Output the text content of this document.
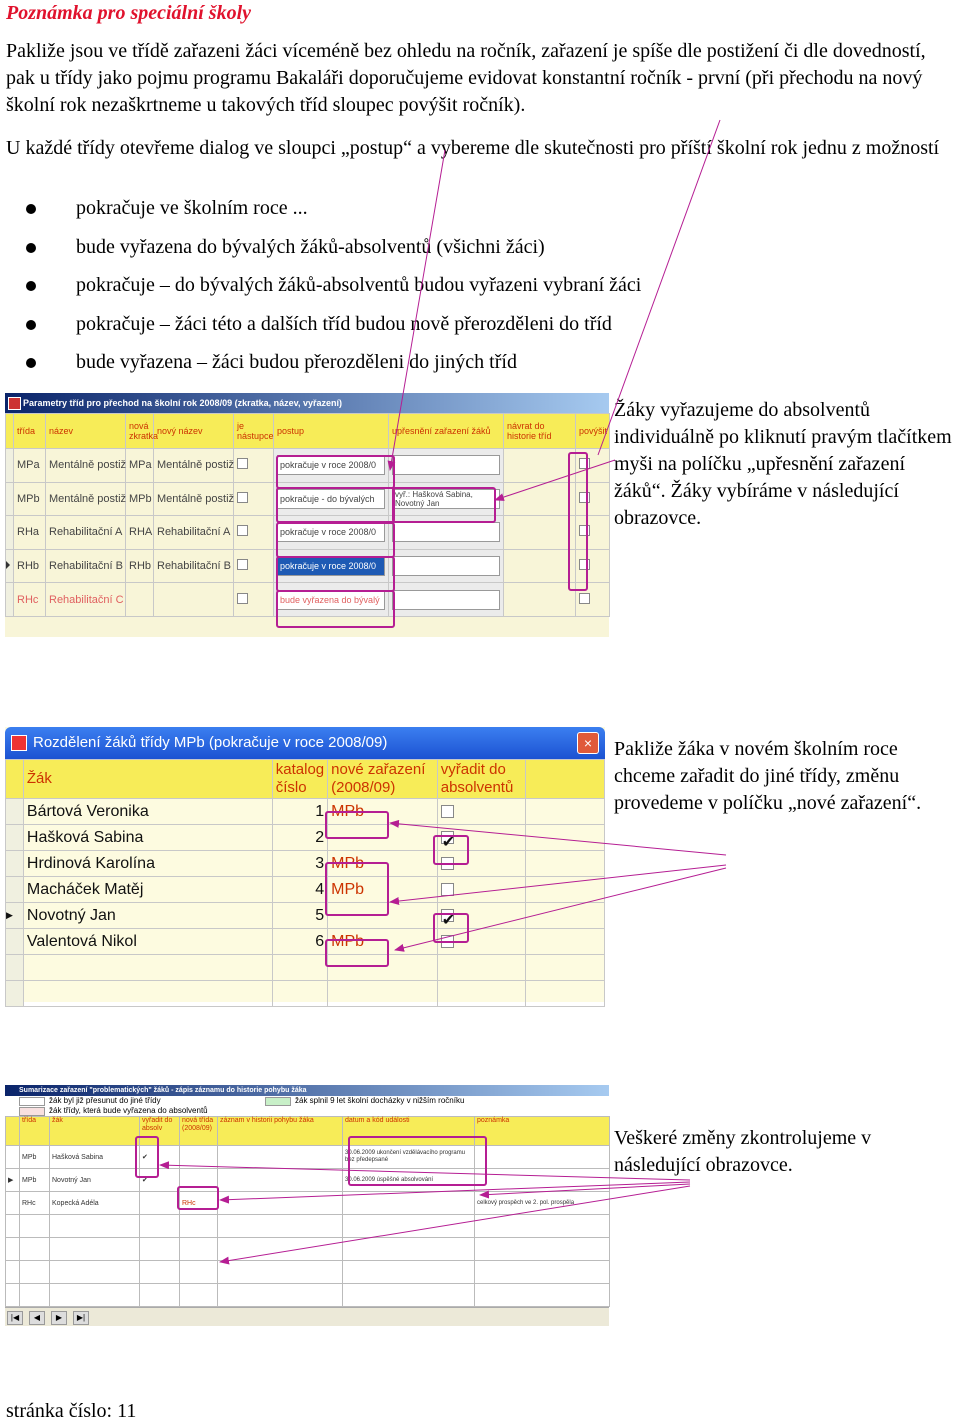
Poznámka pro speciální školy
Pakliže jsou ve třídě zařazeni žáci víceméně bez ohledu na ročník, zařazení je spíše dle postižení či dle dovedností, pak u třídy jako pojmu programu Bakaláři doporučujeme evidovat konstantní ročník - první (při přechodu na nový školní rok nezaškrtneme u takových tříd sloupec povýšit ročník).
U každé třídy otevřeme dialog ve sloupci „postup“ a vybereme dle skutečnosti pro příští školní rok jednu z možností
pokračuje ve školním roce ...
bude vyřazena do bývalých žáků-absolventů (všichni žáci)
pokračuje – do bývalých žáků-absolventů budou vyřazeni vybraní žáci
pokračuje – žáci této a dalších tříd budou nově přerozděleni do tříd
bude vyřazena – žáci budou přerozděleni do jiných tříd
Parametry tříd pro přechod na školní rok 2008/09 (zkratka, název, vyřazení)
	třída	název	nová zkratka	nový název	je nástupce	postup	upřesnění zařazení žáků	návrat do historie tříd	povýšit
	MPa	Mentálně postiž	MPa	Mentálně postiž		pokračuje v roce 2008/0			

	MPb	Mentálně postiž	MPb	Mentálně postiž		pokračuje - do bývalých	vyř.: Hašková Sabina, Novotný Jan		

	RHa	Rehabilitační A	RHA	Rehabilitační A		pokračuje v roce 2008/0			

	RHb	Rehabilitační B	RHb	Rehabilitační B		pokračuje v roce 2008/0			

	RHc	Rehabilitační C				bude vyřazena do bývalý			

Žáky vyřazujeme do absolventů individuálně po kliknutí pravým tlačítkem myši na políčku „upřesnění zařazení žáků“. Žáky vybíráme v následující obrazovce.
Rozdělení žáků třídy MPb (pokračuje v roce 2008/09)	×
	Žák	katalog číslo	nové zařazení (2008/09)	vyřadit do absolventů	
	Bártová Veronika	1	MPb		
	Hašková Sabina	2		✔	
	Hrdinová Karolína	3	MPb		
	Macháček Matěj	4	MPb		
▶	Novotný Jan	5		✔	
	Valentová Nikol	6	MPb		

Pakliže žáka v novém školním roce chceme zařadit do jiné třídy, změnu provedeme v políčku „nové zařazení“.
Sumarizace zařazení "problematických" žáků - zápis záznamu do historie pohybu žáka
žák byl již přesunut do jiné třídy	žák splnil 9 let školní docházky v nižším ročníku
žák třídy, která bude vyřazena do absolventů
	třída	žák	vyřadit do absolv	nová třída (2008/09)	záznam v historii pohybu žáka	datum a kód události	poznámka
	MPb	Hašková Sabina	✔			30.06.2009 ukončení vzdělávacího programu bez předepsané	
▶	MPb	Novotný Jan	✔			30.06.2009 úspěšné absolvování	
	RHc	Kopecká Adéla		RHc			celkový prospěch ve 2. pol. prospěla

|◀ ◀ ▶ ▶|
Veškeré změny zkontrolujeme v následující obrazovce.
stránka číslo: 11
